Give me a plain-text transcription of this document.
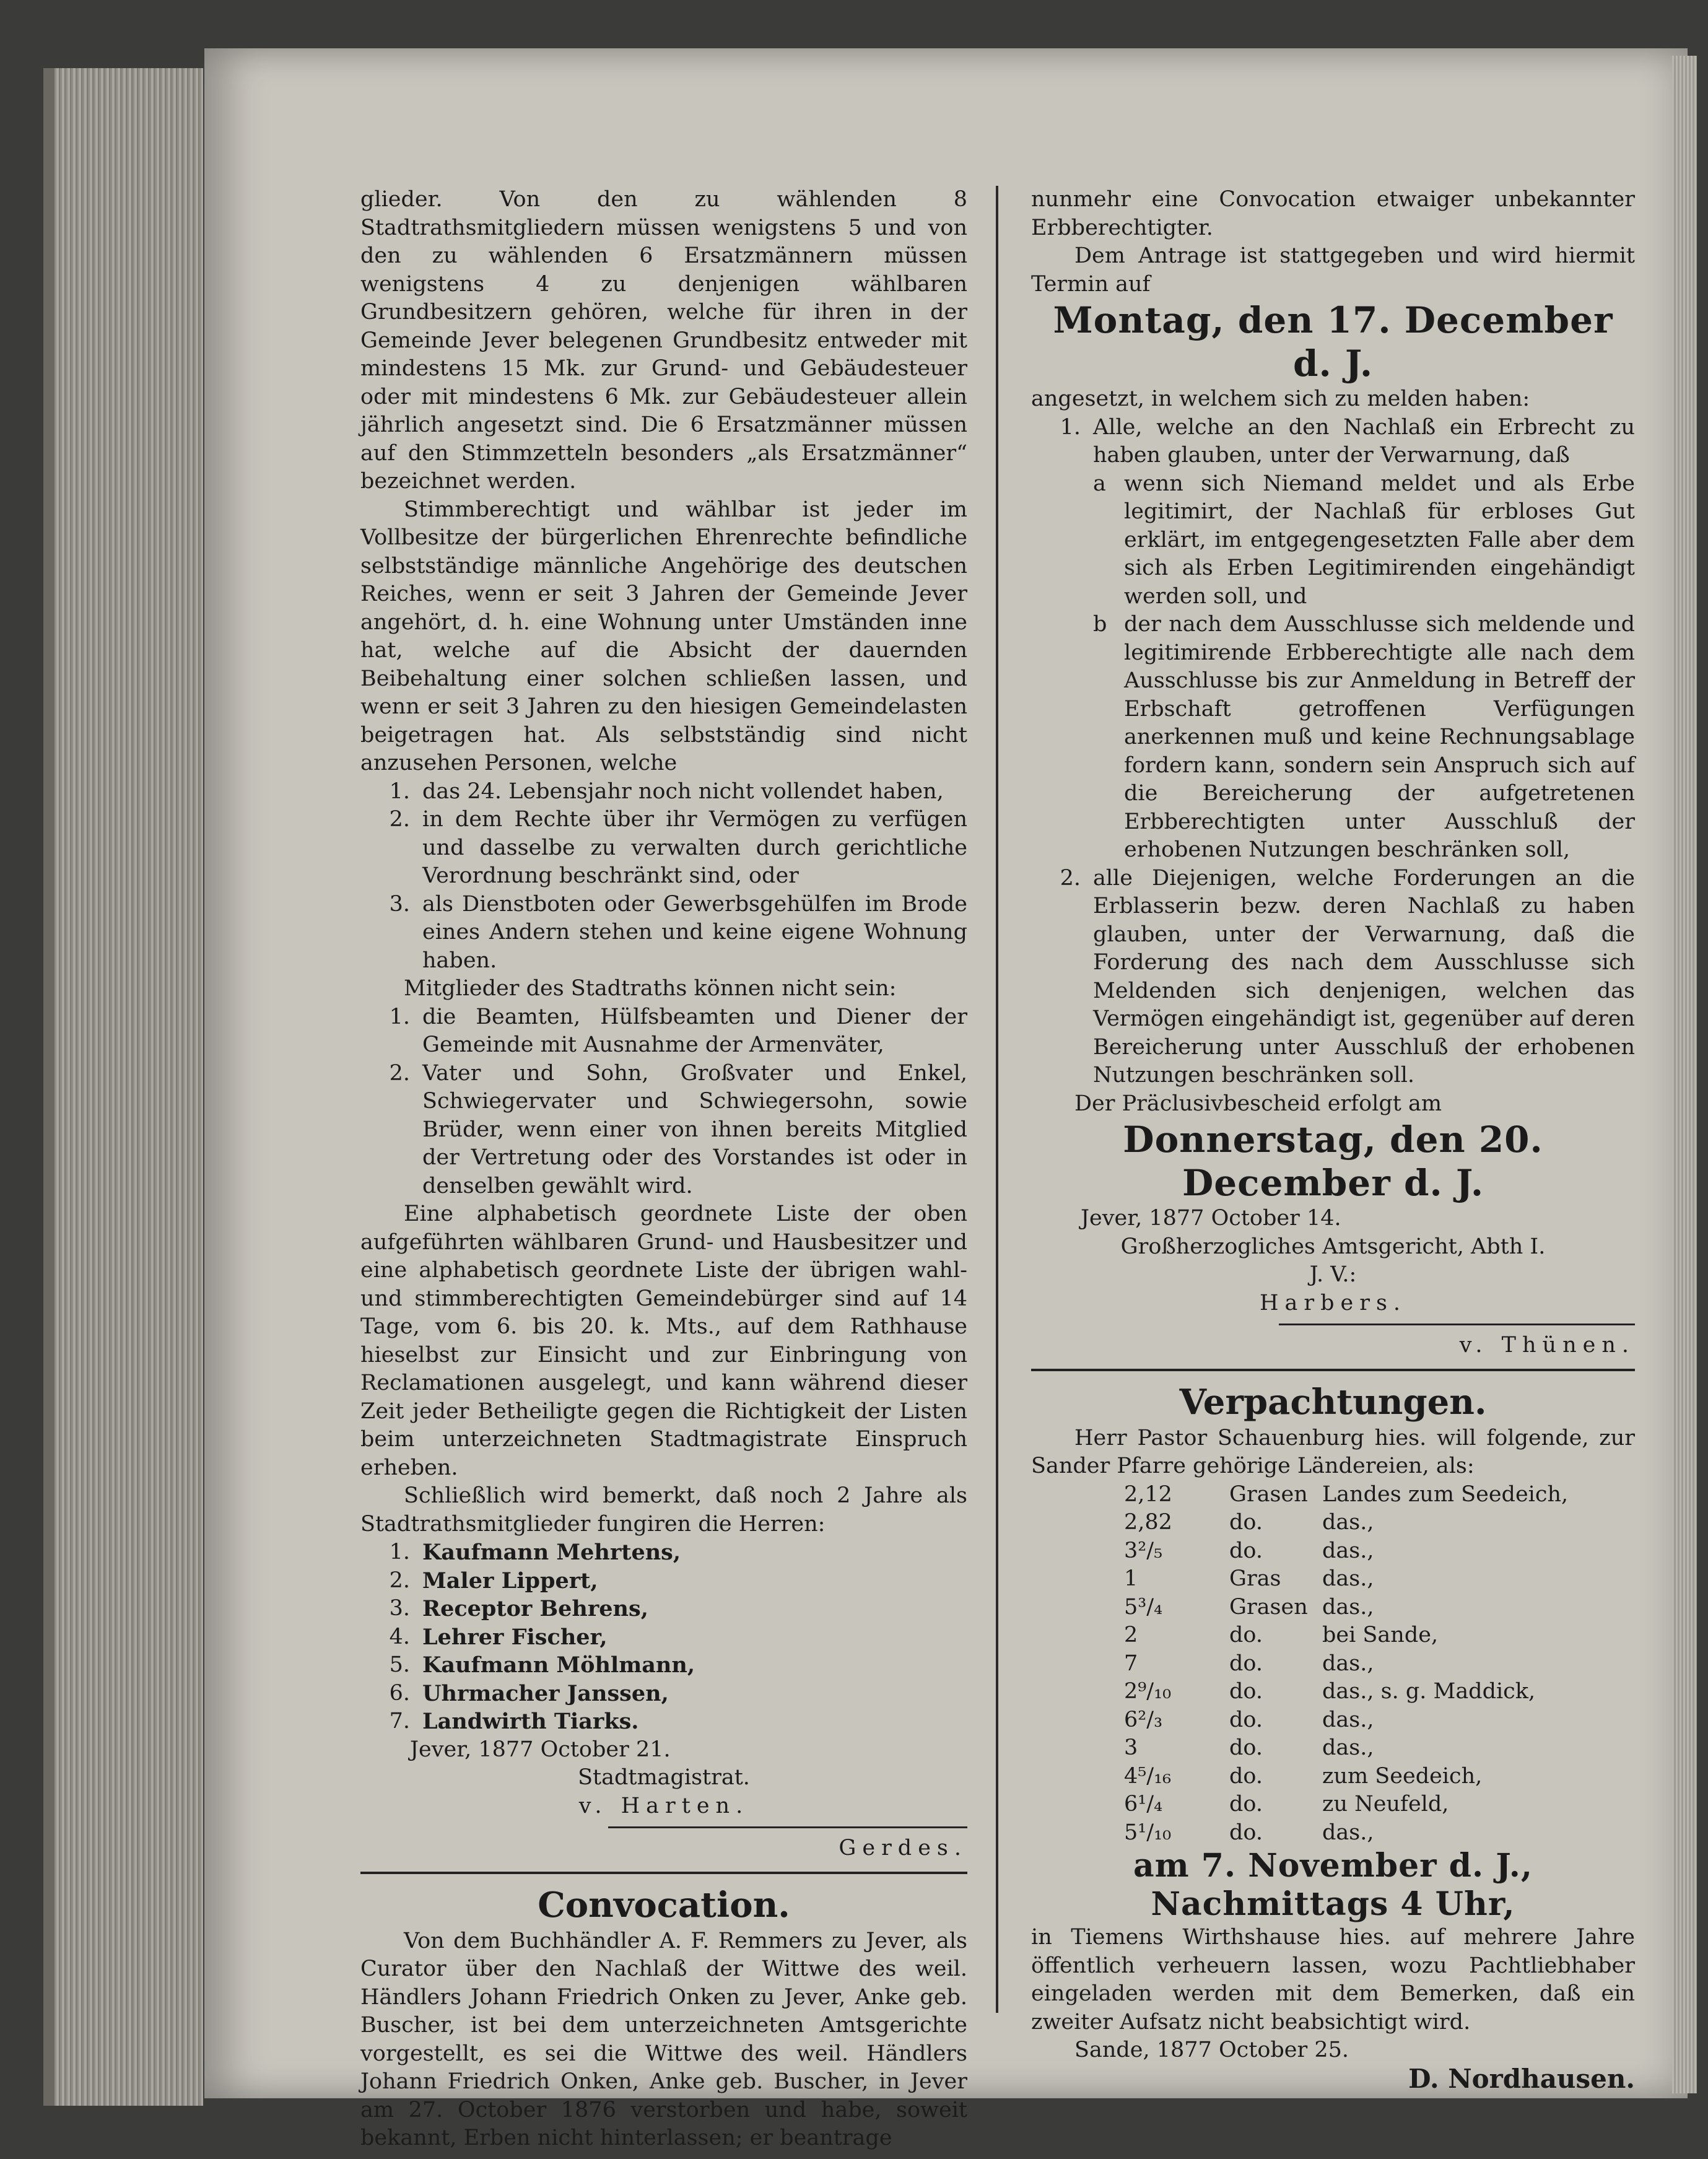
glieder. Von den zu wählenden 8 Stadtrathsmitgliedern müssen wenigstens 5 und von den zu wählenden 6 Ersatzmännern müssen wenigstens 4 zu denjenigen wählbaren Grundbesitzern gehören, welche für ihren in der Gemeinde Jever belegenen Grundbesitz entweder mit mindestens 15 Mk. zur Grund- und Gebäudesteuer oder mit mindestens 6 Mk. zur Gebäudesteuer allein jährlich angesetzt sind. Die 6 Ersatzmänner müssen auf den Stimmzetteln besonders „als Ersatzmänner“ bezeichnet werden.

Stimmberechtigt und wählbar ist jeder im Vollbesitze der bürgerlichen Ehrenrechte befindliche selbstständige männliche Angehörige des deutschen Reiches, wenn er seit 3 Jahren der Gemeinde Jever angehört, d. h. eine Wohnung unter Umständen inne hat, welche auf die Absicht der dauernden Beibehaltung einer solchen schließen lassen, und wenn er seit 3 Jahren zu den hiesigen Gemeindelasten beigetragen hat. Als selbstständig sind nicht anzusehen Personen, welche

1. das 24. Lebensjahr noch nicht vollendet haben,
2. in dem Rechte über ihr Vermögen zu verfügen und dasselbe zu verwalten durch gerichtliche Verordnung beschränkt sind, oder
3. als Dienstboten oder Gewerbsgehülfen im Brode eines Andern stehen und keine eigene Wohnung haben.

Mitglieder des Stadtraths können nicht sein:

1. die Beamten, Hülfsbeamten und Diener der Gemeinde mit Ausnahme der Armenväter,
2. Vater und Sohn, Großvater und Enkel, Schwiegervater und Schwiegersohn, sowie Brüder, wenn einer von ihnen bereits Mitglied der Vertretung oder des Vorstandes ist oder in denselben gewählt wird.

Eine alphabetisch geordnete Liste der oben aufgeführten wählbaren Grund- und Hausbesitzer und eine alphabetisch geordnete Liste der übrigen wahl- und stimmberechtigten Gemeindebürger sind auf 14 Tage, vom 6. bis 20. k. Mts., auf dem Rathhause hieselbst zur Einsicht und zur Einbringung von Reclamationen ausgelegt, und kann während dieser Zeit jeder Betheiligte gegen die Richtigkeit der Listen beim unterzeichneten Stadtmagistrate Einspruch erheben.

Schließlich wird bemerkt, daß noch 2 Jahre als Stadtrathsmitglieder fungiren die Herren:

1. Kaufmann Mehrtens,
2. Maler Lippert,
3. Receptor Behrens,
4. Lehrer Fischer,
5. Kaufmann Möhlmann,
6. Uhrmacher Janssen,
7. Landwirth Tiarks.

Jever, 1877 October 21.

Stadtmagistrat.

v. Harten.

Gerdes.

Convocation.

Von dem Buchhändler A. F. Remmers zu Jever, als Curator über den Nachlaß der Wittwe des weil. Händlers Johann Friedrich Onken zu Jever, Anke geb. Buscher, ist bei dem unterzeichneten Amtsgerichte vorgestellt, es sei die Wittwe des weil. Händlers Johann Friedrich Onken, Anke geb. Buscher, in Jever am 27. October 1876 verstorben und habe, soweit bekannt, Erben nicht hinterlassen; er beantrage

nunmehr eine Convocation etwaiger unbekannter Erbberechtigter.

Dem Antrage ist stattgegeben und wird hiermit Termin auf

Montag, den 17. December d. J.

angesetzt, in welchem sich zu melden haben:

1. Alle, welche an den Nachlaß ein Erbrecht zu haben glauben, unter der Verwarnung, daß
a wenn sich Niemand meldet und als Erbe legitimirt, der Nachlaß für erbloses Gut erklärt, im entgegengesetzten Falle aber dem sich als Erben Legitimirenden eingehändigt werden soll, und
b der nach dem Ausschlusse sich meldende und legitimirende Erbberechtigte alle nach dem Ausschlusse bis zur Anmeldung in Betreff der Erbschaft getroffenen Verfügungen anerkennen muß und keine Rechnungsablage fordern kann, sondern sein Anspruch sich auf die Bereicherung der aufgetretenen Erbberechtigten unter Ausschluß der erhobenen Nutzungen beschränken soll,
2. alle Diejenigen, welche Forderungen an die Erblasserin bezw. deren Nachlaß zu haben glauben, unter der Verwarnung, daß die Forderung des nach dem Ausschlusse sich Meldenden sich denjenigen, welchen das Vermögen eingehändigt ist, gegenüber auf deren Bereicherung unter Ausschluß der erhobenen Nutzungen beschränken soll.

Der Präclusivbescheid erfolgt am

Donnerstag, den 20. December d. J.

Jever, 1877 October 14.

Großherzogliches Amtsgericht, Abth I.

J. V.:

Harbers.

v. Thünen.

Verpachtungen.

Herr Pastor Schauenburg hies. will folgende, zur Sander Pfarre gehörige Ländereien, als:

2,12	Grasen	Landes zum Seedeich,
2,82	do.	das.,
3²/₅	do.	das.,
1	Gras	das.,
5³/₄	Grasen	das.,
2	do.	bei Sande,
7	do.	das.,
2⁹/₁₀	do.	das., s. g. Maddick,
6²/₃	do.	das.,
3	do.	das.,
4⁵/₁₆	do.	zum Seedeich,
6¹/₄	do.	zu Neufeld,
5¹/₁₀	do.	das.,

am 7. November d. J.,

Nachmittags 4 Uhr,

in Tiemens Wirthshause hies. auf mehrere Jahre öffentlich verheuern lassen, wozu Pachtliebhaber eingeladen werden mit dem Bemerken, daß ein zweiter Aufsatz nicht beabsichtigt wird.

Sande, 1877 October 25.

D. Nordhausen.
